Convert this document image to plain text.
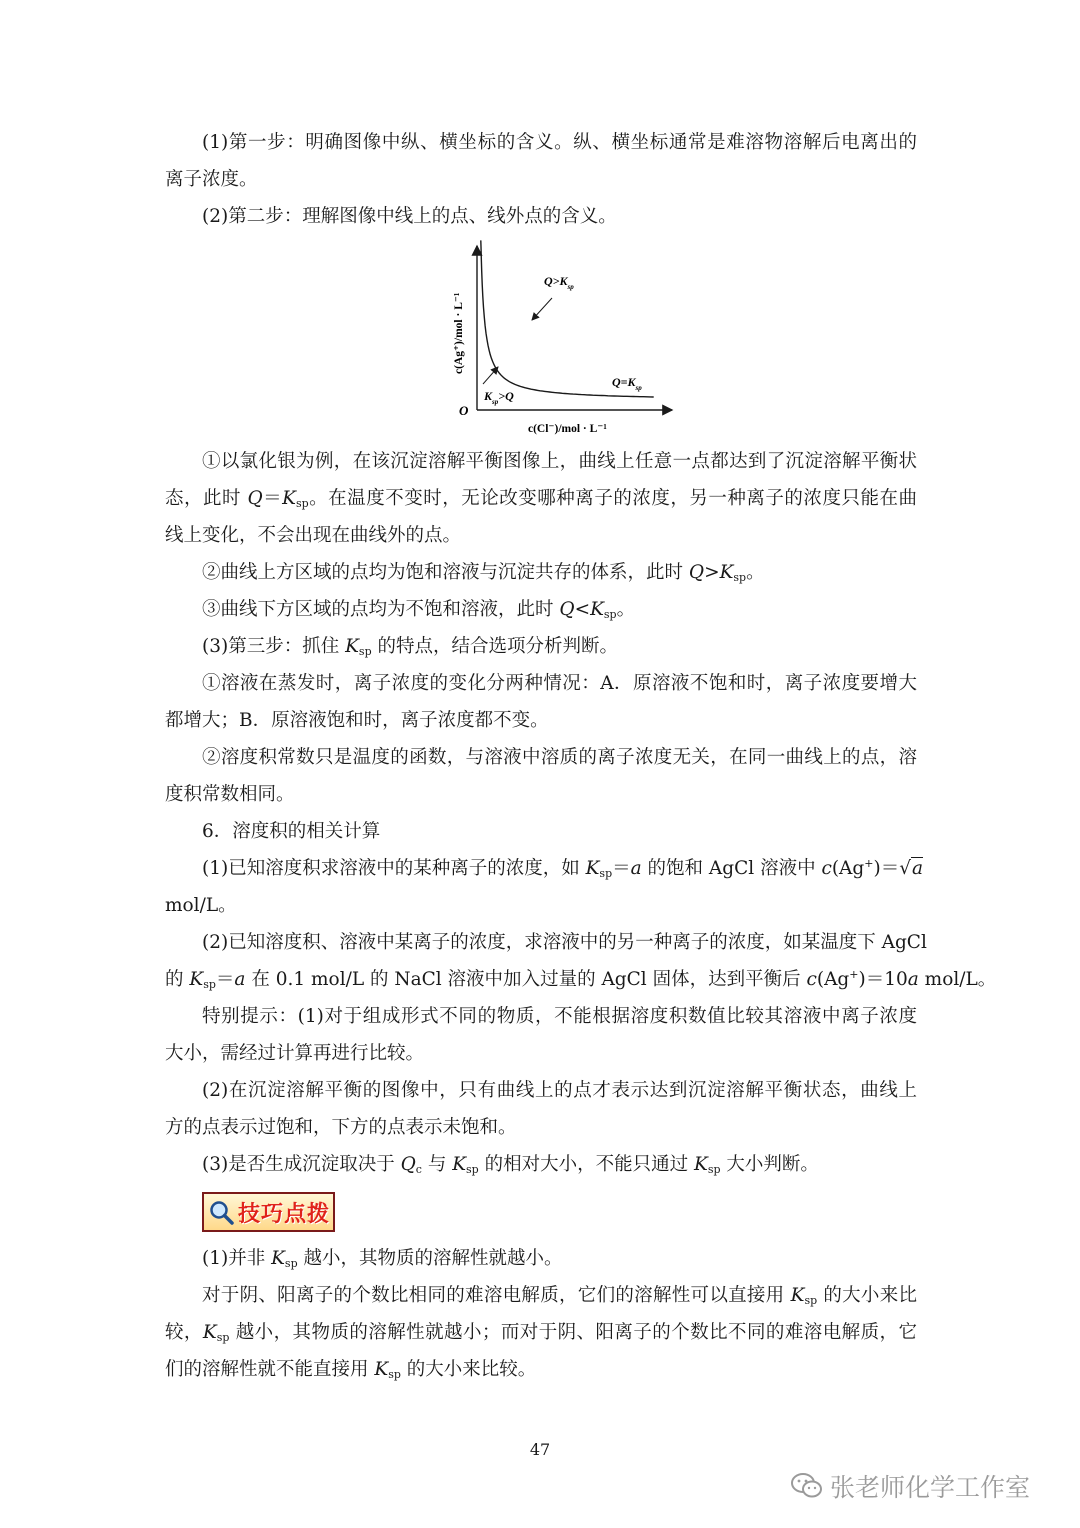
(1)第一步：明确图像中纵、横坐标的含义。纵、横坐标通常是难溶物溶解后电离出的
离子浓度。
(2)第二步：理解图像中线上的点、线外点的含义。
O
c(Cl⁻)/mol · L⁻¹
c(Ag⁺)/mol · L⁻¹
$Q>K_{sp}$
$Q=K_{sp}$
$K_{sp}>Q$
①以氯化银为例，在该沉淀溶解平衡图像上，曲线上任意一点都达到了沉淀溶解平衡状
态，此时 $Q=K_{sp}$。在温度不变时，无论改变哪种离子的浓度，另一种离子的浓度只能在曲
线上变化，不会出现在曲线外的点。
②曲线上方区域的点均为饱和溶液与沉淀共存的体系，此时 $Q>K_{sp}$。
③曲线下方区域的点均为不饱和溶液，此时 $Q<K_{sp}$。
(3)第三步：抓住 $K_{sp}$ 的特点，结合选项分析判断。
①溶液在蒸发时，离子浓度的变化分两种情况：A．原溶液不饱和时，离子浓度要增大
都增大；B．原溶液饱和时，离子浓度都不变。
②溶度积常数只是温度的函数，与溶液中溶质的离子浓度无关，在同一曲线上的点，溶
度积常数相同。
6．溶度积的相关计算
(1)已知溶度积求溶液中的某种离子的浓度，如 $K_{sp}=a$ 的饱和 AgCl 溶液中 c(Ag+)＝√a
mol/L。
(2)已知溶度积、溶液中某离子的浓度，求溶液中的另一种离子的浓度，如某温度下 AgCl
的 $K_{sp}=a$ 在 0.1 mol/L 的 NaCl 溶液中加入过量的 AgCl 固体，达到平衡后 c(Ag+)＝10a mol/L。
特别提示：(1)对于组成形式不同的物质，不能根据溶度积数值比较其溶液中离子浓度
大小，需经过计算再进行比较。
(2)在沉淀溶解平衡的图像中，只有曲线上的点才表示达到沉淀溶解平衡状态，曲线上
方的点表示过饱和，下方的点表示未饱和。
(3)是否生成沉淀取决于 $Q_c$ 与 $K_{sp}$ 的相对大小，不能只通过 $K_{sp}$ 大小判断。
技巧点拨
(1)并非 $K_{sp}$ 越小，其物质的溶解性就越小。
对于阴、阳离子的个数比相同的难溶电解质，它们的溶解性可以直接用 $K_{sp}$ 的大小来比
较，$K_{sp}$ 越小，其物质的溶解性就越小；而对于阴、阳离子的个数比不同的难溶电解质，它
们的溶解性就不能直接用 $K_{sp}$ 的大小来比较。
47
张老师化学工作室
